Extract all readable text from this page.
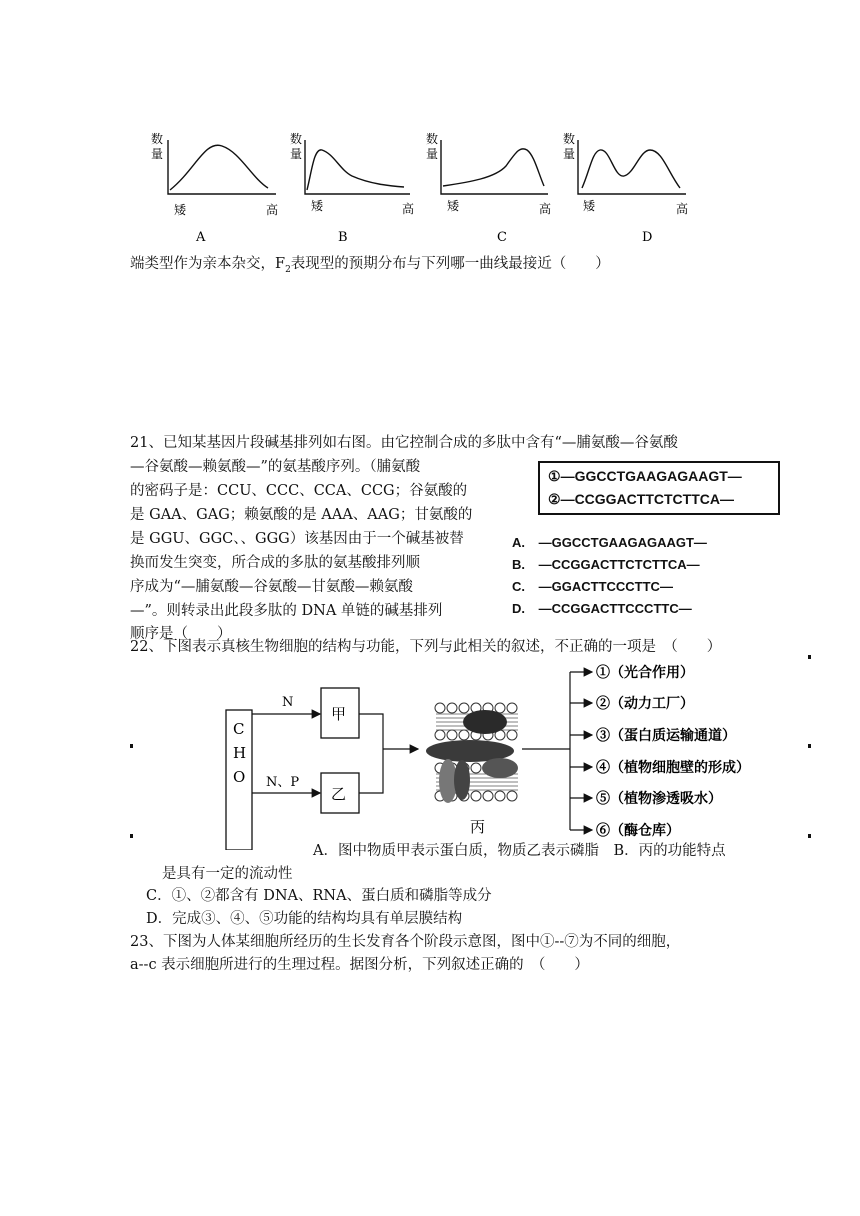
数
量
矮	高
A
数
量
矮	高
B
数
量
矮	高
C
数
量
矮	高
D
端类型作为亲本杂交，$F_2$表现型的预期分布与下列哪一曲线最接近（　　）
21、已知某基因片段碱基排列如右图。由它控制合成的多肽中含有“—脯氨酸—谷氨酸
—谷氨酸—赖氨酸—”的氨基酸序列。（脯氨酸
的密码子是：CCU、CCC、CCA、CCG；谷氨酸的
是 GAA、GAG；赖氨酸的是 AAA、AAG；甘氨酸的
是 GGU、GGC、、GGG）该基因由于一个碱基被替
换而发生突变，所合成的多肽的氨基酸排列顺
序成为“—脯氨酸—谷氨酸—甘氨酸—赖氨酸
—”。则转录出此段多肽的 DNA 单链的碱基排列
顺序是（　　）
①—GGCCTGAAGAGAAGT—
②—CCGGACTTCTCTTCA—
A. —GGCCTGAAGAGAAGT—
B. —CCGGACTTCTCTTCA—
C. —GGACTTCCCTTC—
D. —CCGGACTTCCCTTC—
22、下图表示真核生物细胞的结构与功能，下列与此相关的叙述，不正确的一项是　（　　）
C
H
O
N
N、P
甲
乙
丙
①（光合作用）
②（动力工厂）
③（蛋白质运输通道）
④（植物细胞壁的形成）
⑤（植物渗透吸水）
⑥（酶仓库）
A．图中物质甲表示蛋白质，物质乙表示磷脂　B．丙的功能特点
是具有一定的流动性
C．①、②都含有 DNA、RNA、蛋白质和磷脂等成分
D．完成③、④、⑤功能的结构均具有单层膜结构
23、下图为人体某细胞所经历的生长发育各个阶段示意图，图中①--⑦为不同的细胞，
a--c 表示细胞所进行的生理过程。据图分析，下列叙述正确的　（　　）
